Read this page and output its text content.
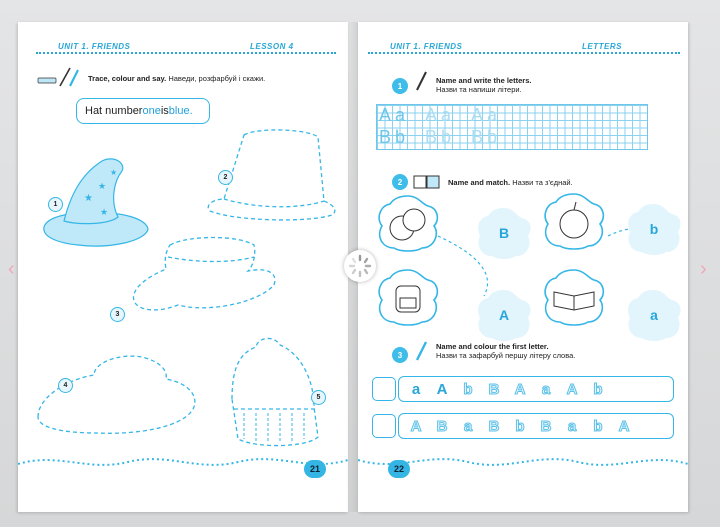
‹	›
UNIT 1. FRIENDS	LESSON 4
Trace, colour and say. Наведи, розфарбуй і скажи.
Hat number one is blue.
★
★
★
★
1
2
3
4
5
21
UNIT 1. FRIENDS	LETTERS
1
Name and write the letters.
Назви та напиши літери.
A a A a A a
B b B b B b
2	Name and match. Назви та з'єднай.
B	b
A	a
3
Name and colour the first letter.
Назви та зафарбуй першу літеру слова.
a	A	b	B	A	a	A	b
A	B	a	B	b	B	a	b	A
22
